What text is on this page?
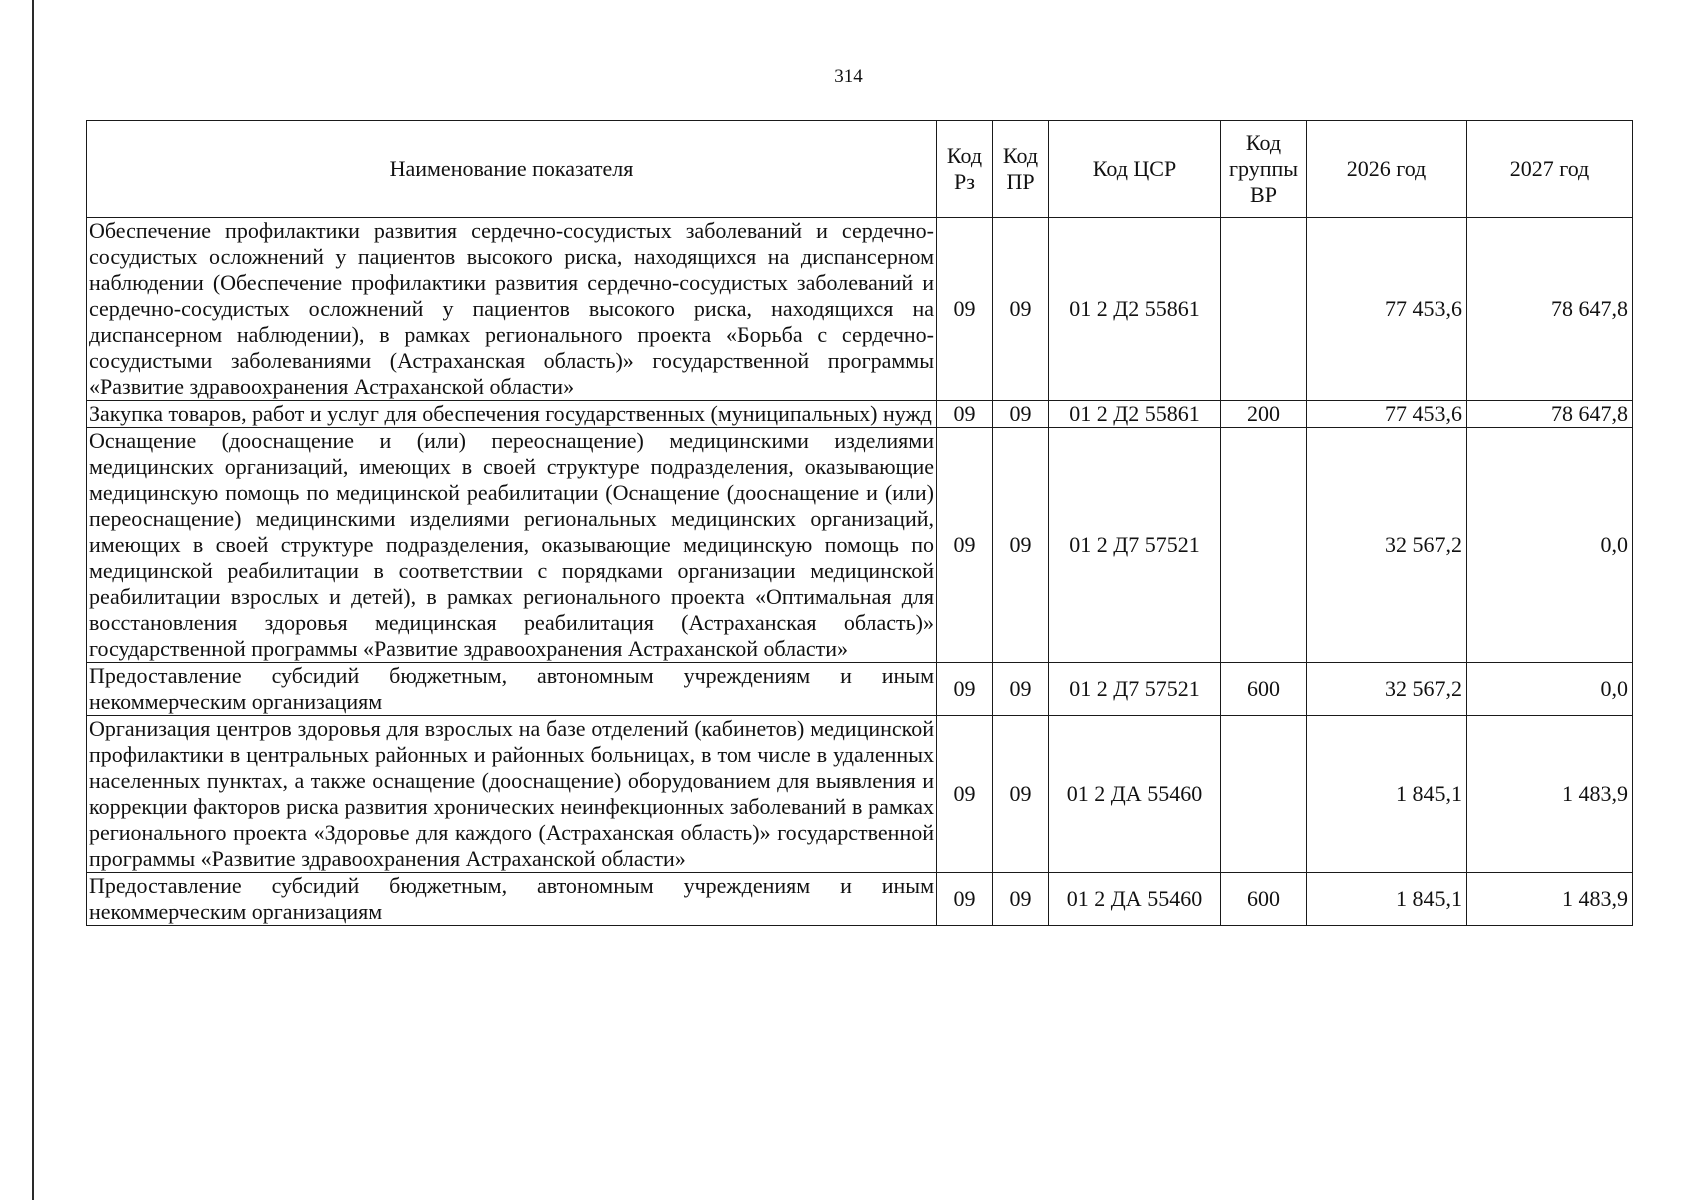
314
Наименование показателя	Код Рз	Код ПР	Код ЦСР	Код группы ВР	2026 год	2027 год
Обеспечение профилактики развития сердечно-сосудистых заболеваний и сердечно-сосудистых осложнений у пациентов высокого риска, находящихся на диспансерном наблюдении (Обеспечение профилактики развития сердечно-сосудистых заболеваний и сердечно-сосудистых осложнений у пациентов высокого риска, находящихся на диспансерном наблюдении), в рамках регионального проекта «Борьба с сердечно-сосудистыми заболеваниями (Астраханская область)» государственной программы «Развитие здравоохранения Астраханской области»	09	09	01 2 Д2 55861		77 453,6	78 647,8
Закупка товаров, работ и услуг для обеспечения государственных (муниципальных) нужд	09	09	01 2 Д2 55861	200	77 453,6	78 647,8
Оснащение (дооснащение и (или) переоснащение) медицинскими изделиями медицинских организаций, имеющих в своей структуре подразделения, оказывающие медицинскую помощь по медицинской реабилитации (Оснащение (дооснащение и (или) переоснащение) медицинскими изделиями региональных медицинских организаций, имеющих в своей структуре подразделения, оказывающие медицинскую помощь по медицинской реабилитации в соответствии с порядками организации медицинской реабилитации взрослых и детей), в рамках регионального проекта «Оптимальная для восстановления здоровья медицинская реабилитация (Астраханская область)» государственной программы «Развитие здравоохранения Астраханской области»	09	09	01 2 Д7 57521		32 567,2	0,0
Предоставление субсидий бюджетным, автономным учреждениям и иным некоммерческим организациям	09	09	01 2 Д7 57521	600	32 567,2	0,0
Организация центров здоровья для взрослых на базе отделений (кабинетов) медицинской профилактики в центральных районных и районных больницах, в том числе в удаленных населенных пунктах, а также оснащение (дооснащение) оборудованием для выявления и коррекции факторов риска развития хронических неинфекционных заболеваний в рамках регионального проекта «Здоровье для каждого (Астраханская область)» государственной программы «Развитие здравоохранения Астраханской области»	09	09	01 2 ДА 55460		1 845,1	1 483,9
Предоставление субсидий бюджетным, автономным учреждениям и иным некоммерческим организациям	09	09	01 2 ДА 55460	600	1 845,1	1 483,9
